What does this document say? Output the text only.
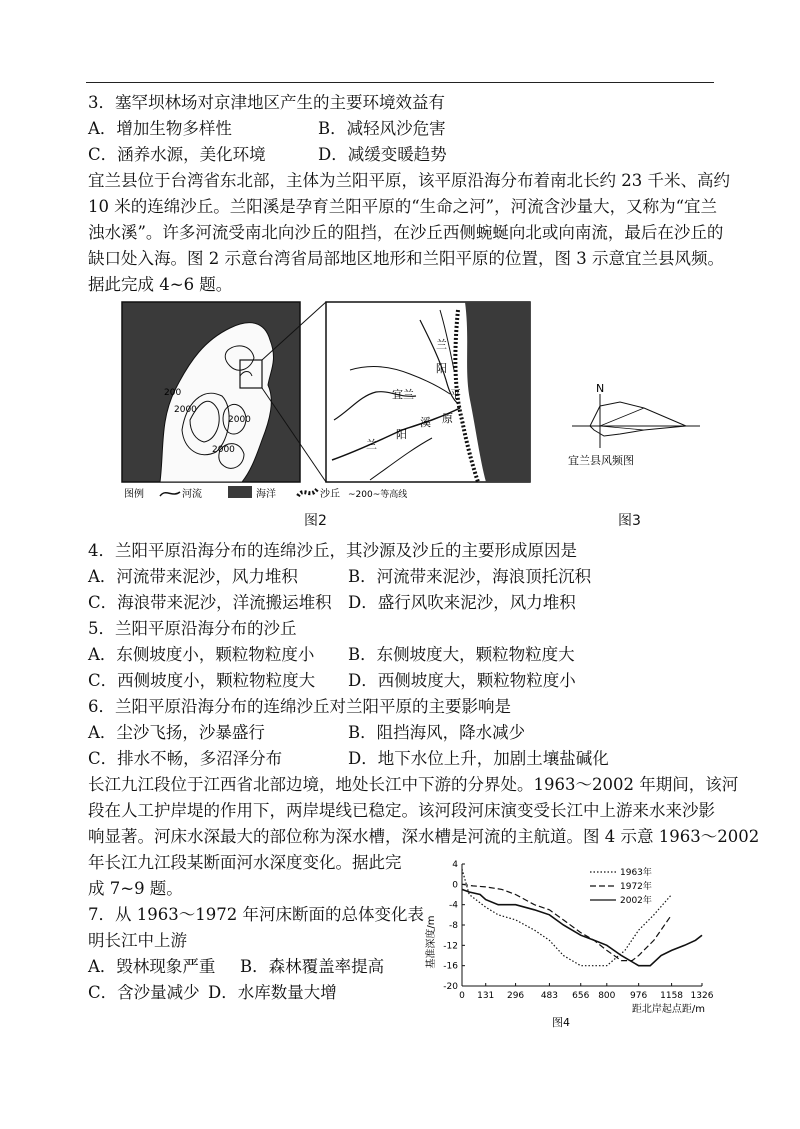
3．塞罕坝林场对京津地区产生的主要环境效益有
A．增加生物多样性	B．减轻风沙危害
C．涵养水源，美化环境	D．减缓变暖趋势
宜兰县位于台湾省东北部，主体为兰阳平原，该平原沿海分布着南北长约 23 千米、高约
10 米的连绵沙丘。兰阳溪是孕育兰阳平原的“生命之河”，河流含沙量大，又称为“宜兰
浊水溪”。许多河流受南北向沙丘的阻挡，在沙丘西侧蜿蜒向北或向南流，最后在沙丘的
缺口处入海。图 2 示意台湾省局部地区地形和兰阳平原的位置，图 3 示意宜兰县风频。
据此完成 4~6 题。
200
2000
2000
2000
兰
阳
平
原
宜兰
兰
阳
溪
图例	河流	海洋	沙丘 ~200~等高线
图2
N
宜兰县风频图
图3
4．兰阳平原沿海分布的连绵沙丘，其沙源及沙丘的主要形成原因是
A．河流带来泥沙，风力堆积	B．河流带来泥沙，海浪顶托沉积
C．海浪带来泥沙，洋流搬运堆积 D．盛行风吹来泥沙，风力堆积
5．兰阳平原沿海分布的沙丘
A．东侧坡度小，颗粒物粒度小 B．东侧坡度大，颗粒物粒度大
C．西侧坡度小，颗粒物粒度大 D．西侧坡度大，颗粒物粒度小
6．兰阳平原沿海分布的连绵沙丘对兰阳平原的主要影响是
A．尘沙飞扬，沙暴盛行	B．阻挡海风，降水减少
C．排水不畅，多沼泽分布	D．地下水位上升，加剧土壤盐碱化
长江九江段位于江西省北部边境，地处长江中下游的分界处。1963～2002 年期间，该河
段在人工护岸堤的作用下，两岸堤线已稳定。该河段河床演变受长江中上游来水来沙影
响显著。河床水深最大的部位称为深水槽，深水槽是河流的主航道。图 4 示意 1963～2002
年长江九江段某断面河水深度变化。据此完
成 7~9 题。
7．从 1963～1972 年河床断面的总体变化表
明长江中上游
A．毁林现象严重 B．森林覆盖率提高
C．含沙量减少 D．水库数量大增
4
0
-4
-8
-12
-16
-20
0 131 296 483 656 800 976 1158 1326
1963年
1972年
2002年
基准深度/m
距北岸起点距/m
图4
